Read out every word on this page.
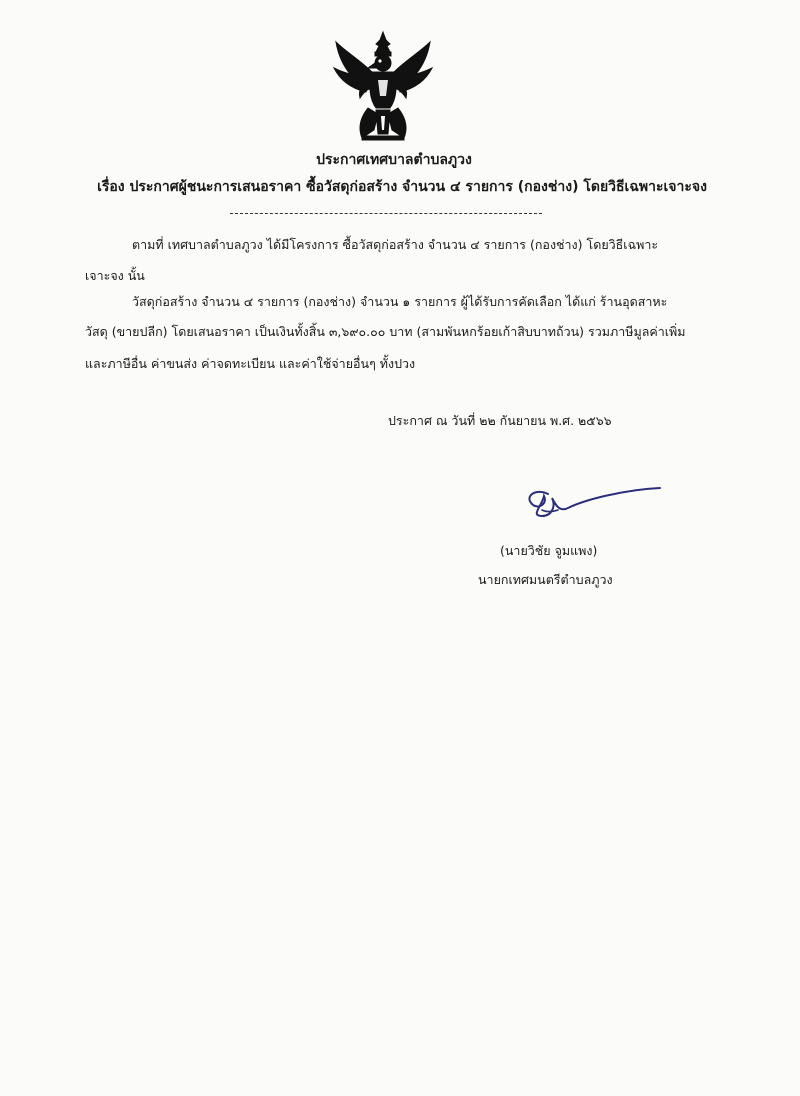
ประกาศเทศบาลตำบลภูวง
เรื่อง ประกาศผู้ชนะการเสนอราคา ซื้อวัสดุก่อสร้าง จำนวน ๔ รายการ (กองช่าง) โดยวิธีเฉพาะเจาะจง
ตามที่ เทศบาลตำบลภูวง ได้มีโครงการ ซื้อวัสดุก่อสร้าง จำนวน ๔ รายการ (กองช่าง) โดยวิธีเฉพาะ
เจาะจง นั้น
วัสดุก่อสร้าง จำนวน ๔ รายการ (กองช่าง) จำนวน ๑ รายการ ผู้ได้รับการคัดเลือก ได้แก่ ร้านอุดสาหะ
วัสดุ (ขายปลีก) โดยเสนอราคา เป็นเงินทั้งสิ้น ๓,๖๙๐.๐๐ บาท (สามพันหกร้อยเก้าสิบบาทถ้วน) รวมภาษีมูลค่าเพิ่ม
และภาษีอื่น ค่าขนส่ง ค่าจดทะเบียน และค่าใช้จ่ายอื่นๆ ทั้งปวง
ประกาศ ณ วันที่ ๒๒ กันยายน พ.ศ. ๒๕๖๖
(นายวิชัย จูมแพง)
นายกเทศมนตรีตำบลภูวง
